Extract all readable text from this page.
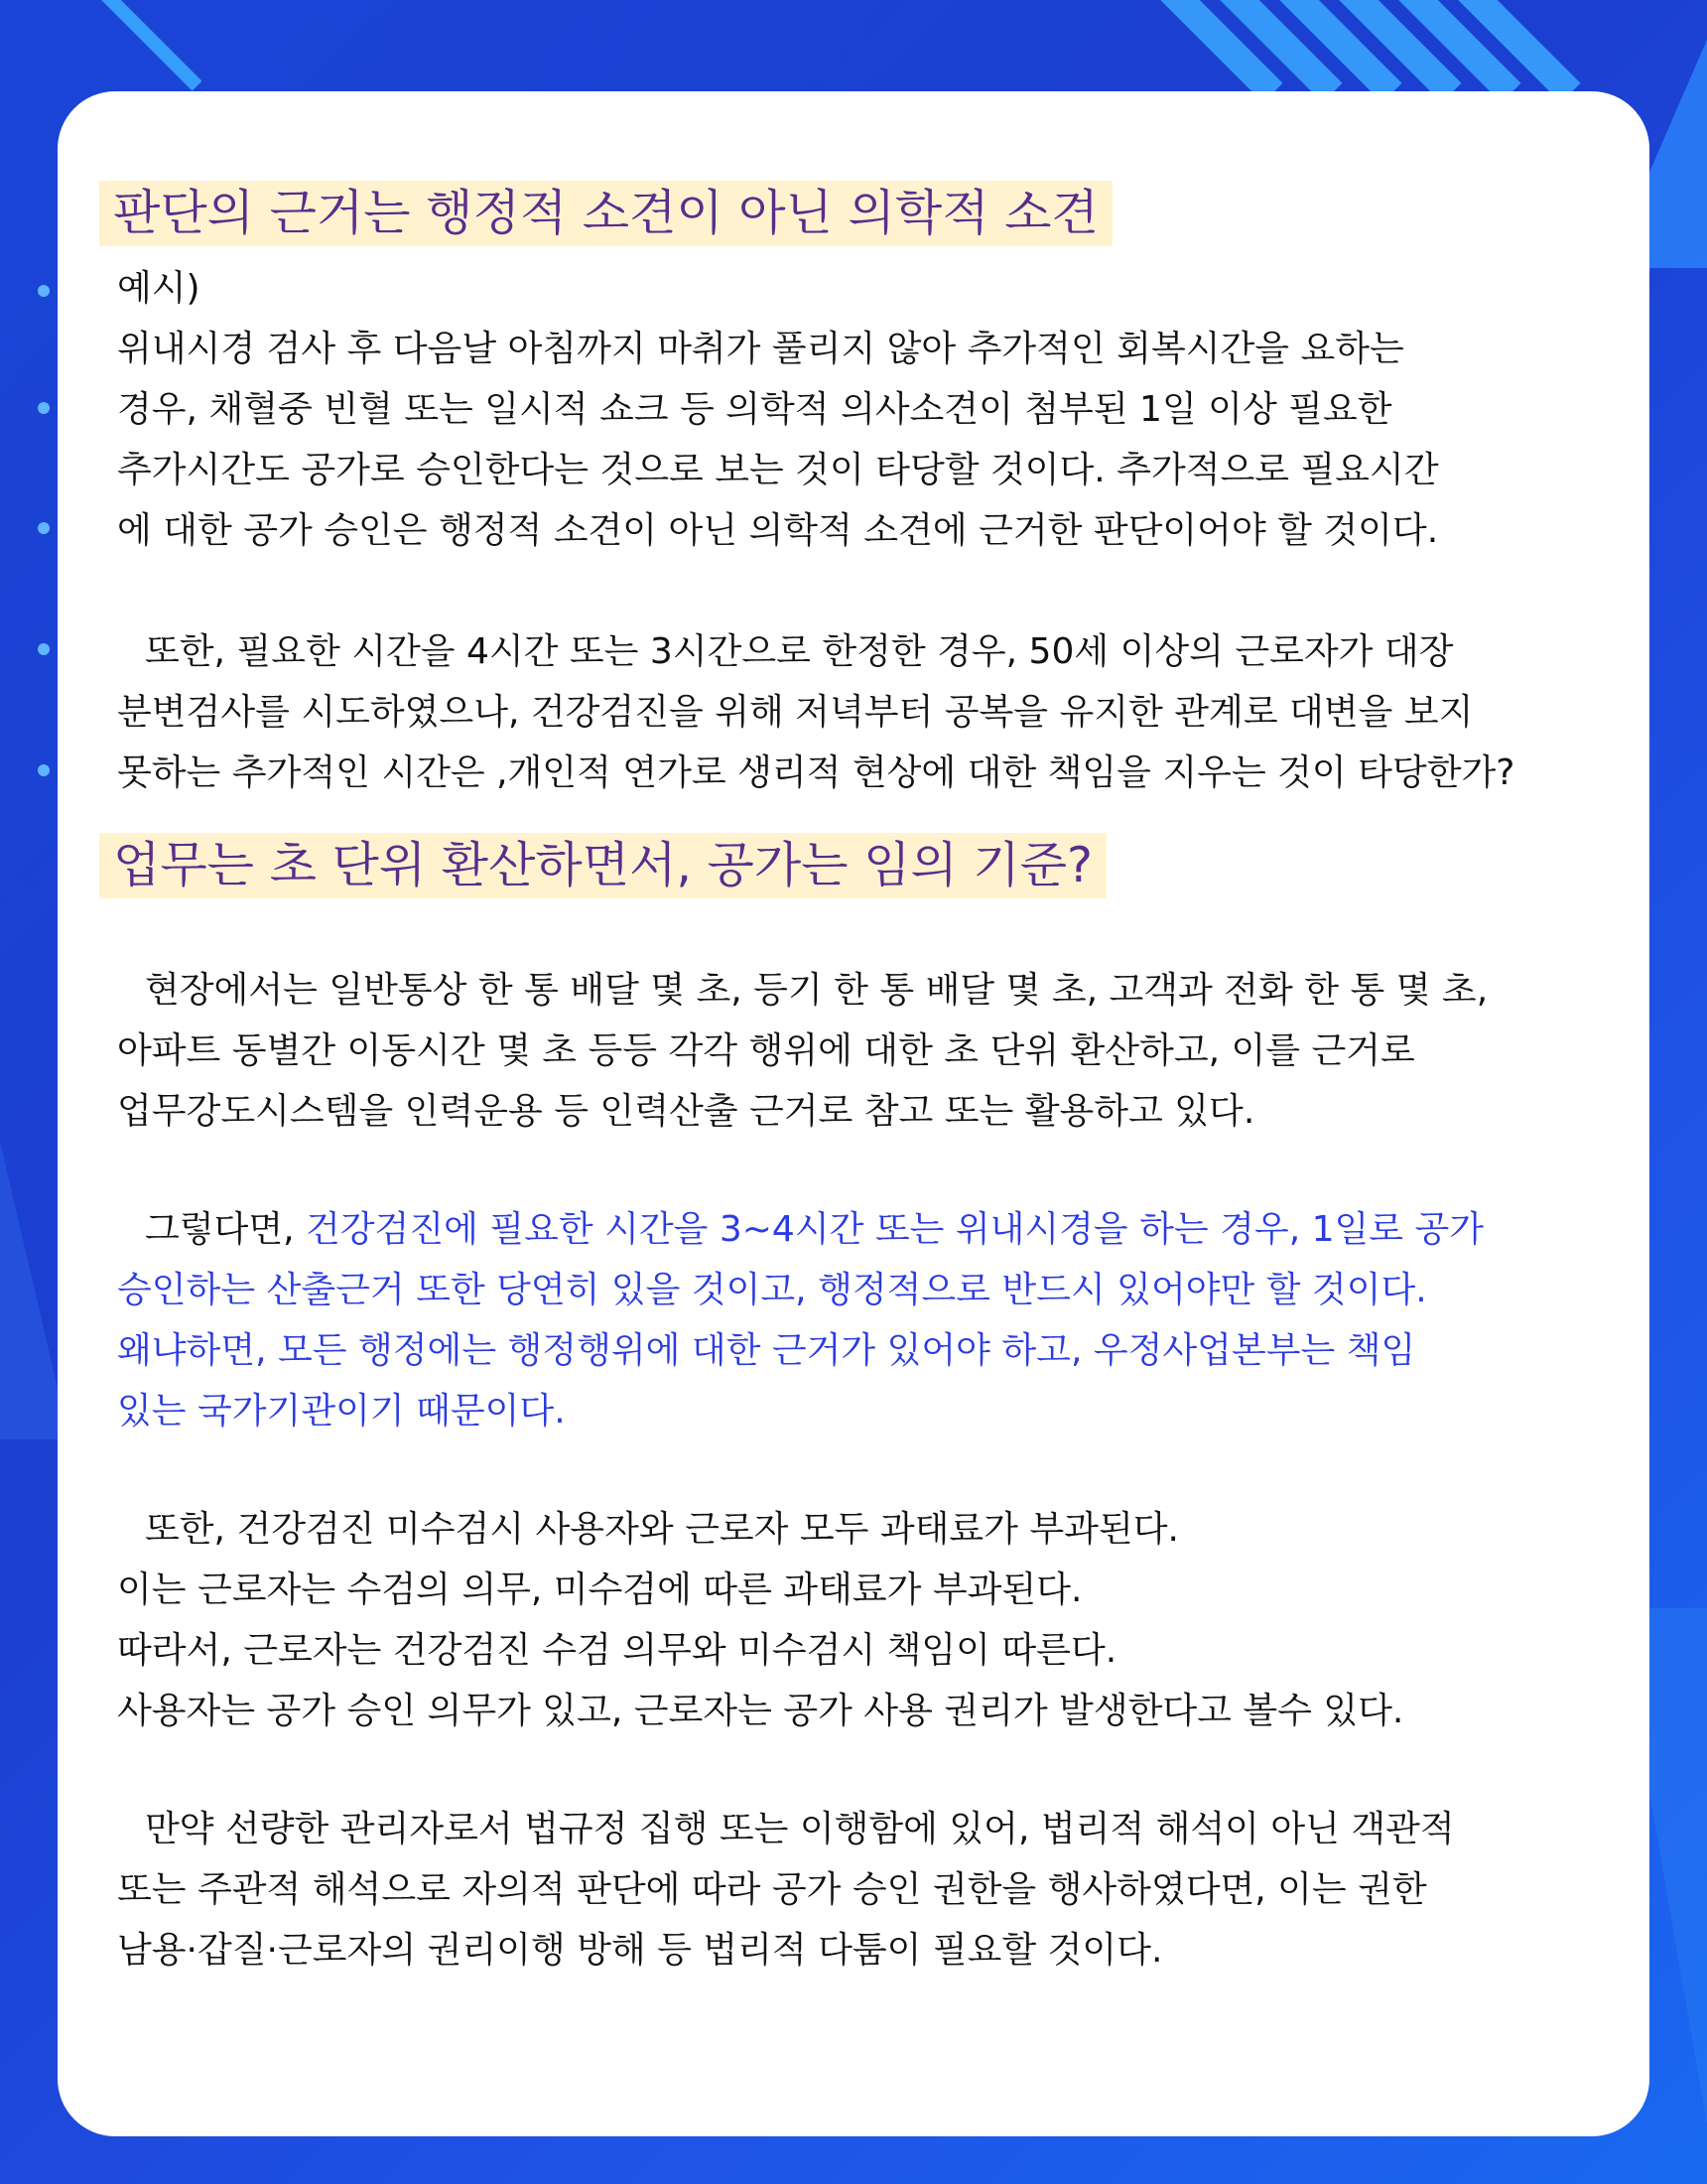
판단의 근거는 행정적 소견이 아닌 의학적 소견
예시)
위내시경 검사 후 다음날 아침까지 마취가 풀리지 않아 추가적인 회복시간을 요하는
경우, 채혈중 빈혈 또는 일시적 쇼크 등 의학적 의사소견이 첨부된 1일 이상 필요한
추가시간도 공가로 승인한다는 것으로 보는 것이 타당할 것이다. 추가적으로 필요시간
에 대한 공가 승인은 행정적 소견이 아닌 의학적 소견에 근거한 판단이어야 할 것이다.
또한, 필요한 시간을 4시간 또는 3시간으로 한정한 경우, 50세 이상의 근로자가 대장
분변검사를 시도하였으나, 건강검진을 위해 저녁부터 공복을 유지한 관계로 대변을 보지
못하는 추가적인 시간은 ,개인적 연가로 생리적 현상에 대한 책임을 지우는 것이 타당한가?
업무는 초 단위 환산하면서, 공가는 임의 기준?
현장에서는 일반통상 한 통 배달 몇 초, 등기 한 통 배달 몇 초, 고객과 전화 한 통 몇 초,
아파트 동별간 이동시간 몇 초 등등 각각 행위에 대한 초 단위 환산하고, 이를 근거로
업무강도시스템을 인력운용 등 인력산출 근거로 참고 또는 활용하고 있다.
그렇다면, 건강검진에 필요한 시간을 3~4시간 또는 위내시경을 하는 경우, 1일로 공가
승인하는 산출근거 또한 당연히 있을 것이고, 행정적으로 반드시 있어야만 할 것이다.
왜냐하면, 모든 행정에는 행정행위에 대한 근거가 있어야 하고, 우정사업본부는 책임
있는 국가기관이기 때문이다.
또한, 건강검진 미수검시 사용자와 근로자 모두 과태료가 부과된다.
이는 근로자는 수검의 의무, 미수검에 따른 과태료가 부과된다.
따라서, 근로자는 건강검진 수검 의무와 미수검시 책임이 따른다.
사용자는 공가 승인 의무가 있고, 근로자는 공가 사용 권리가 발생한다고 볼수 있다.
만약 선량한 관리자로서 법규정 집행 또는 이행함에 있어, 법리적 해석이 아닌 객관적
또는 주관적 해석으로 자의적 판단에 따라 공가 승인 권한을 행사하였다면, 이는 권한
남용·갑질·근로자의 권리이행 방해 등 법리적 다툼이 필요할 것이다.
